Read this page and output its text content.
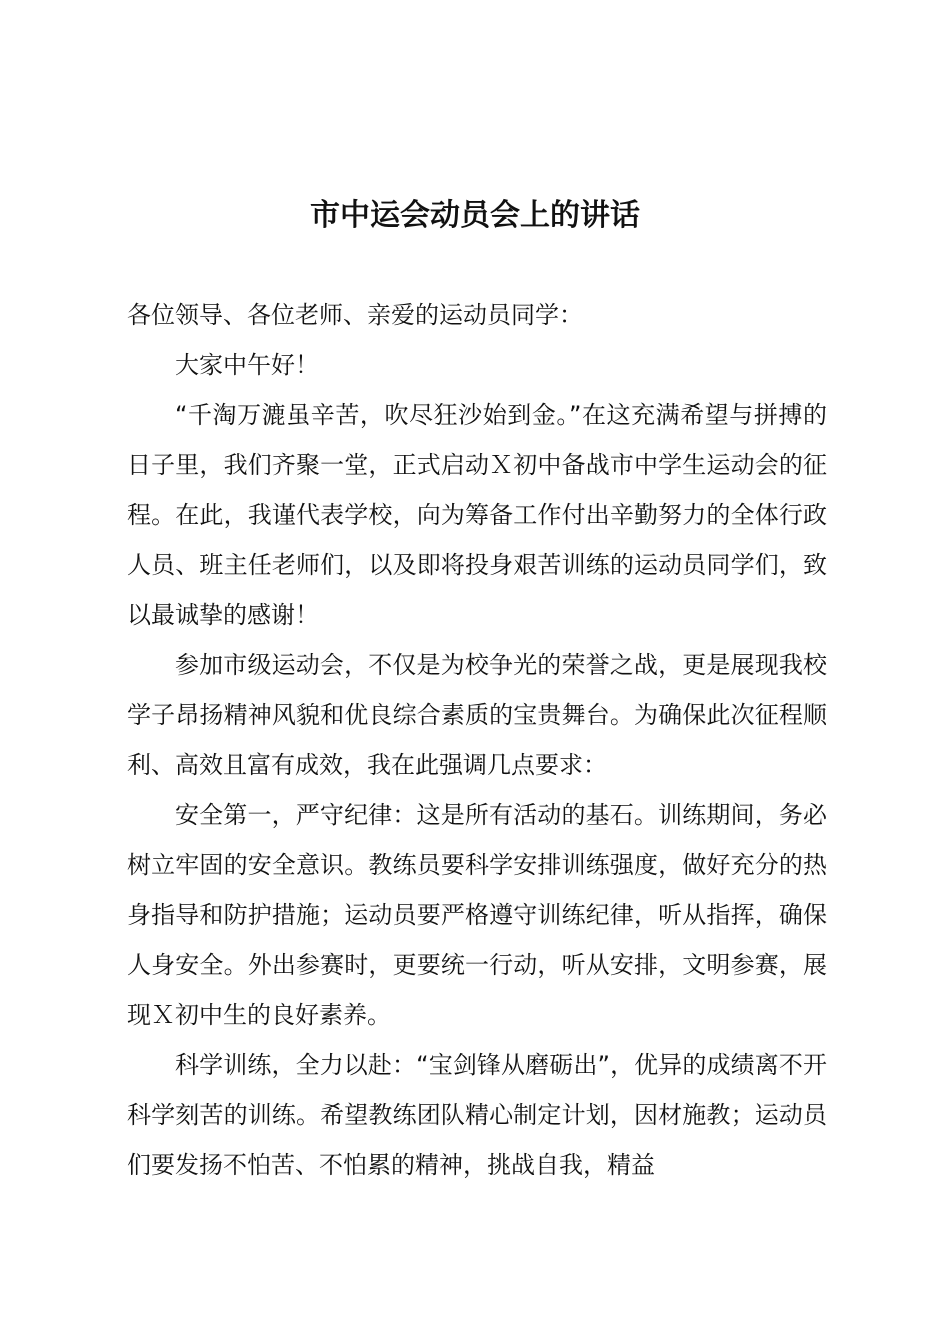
市中运会动员会上的讲话

各位领导、各位老师、亲爱的运动员同学：

大家中午好！

“千淘万漉虽辛苦，吹尽狂沙始到金。”在这充满希望与拼搏的日子里，我们齐聚一堂，正式启动Ｘ初中备战市中学生运动会的征程。在此，我谨代表学校，向为筹备工作付出辛勤努力的全体行政人员、班主任老师们，以及即将投身艰苦训练的运动员同学们，致以最诚挚的感谢！

参加市级运动会，不仅是为校争光的荣誉之战，更是展现我校学子昂扬精神风貌和优良综合素质的宝贵舞台。为确保此次征程顺利、高效且富有成效，我在此强调几点要求：

安全第一，严守纪律：这是所有活动的基石。训练期间，务必树立牢固的安全意识。教练员要科学安排训练强度，做好充分的热身指导和防护措施；运动员要严格遵守训练纪律，听从指挥，确保人身安全。外出参赛时，更要统一行动，听从安排，文明参赛，展现Ｘ初中生的良好素养。

科学训练，全力以赴：“宝剑锋从磨砺出”，优异的成绩离不开科学刻苦的训练。希望教练团队精心制定计划，因材施教；运动员们要发扬不怕苦、不怕累的精神，挑战自我，精益
